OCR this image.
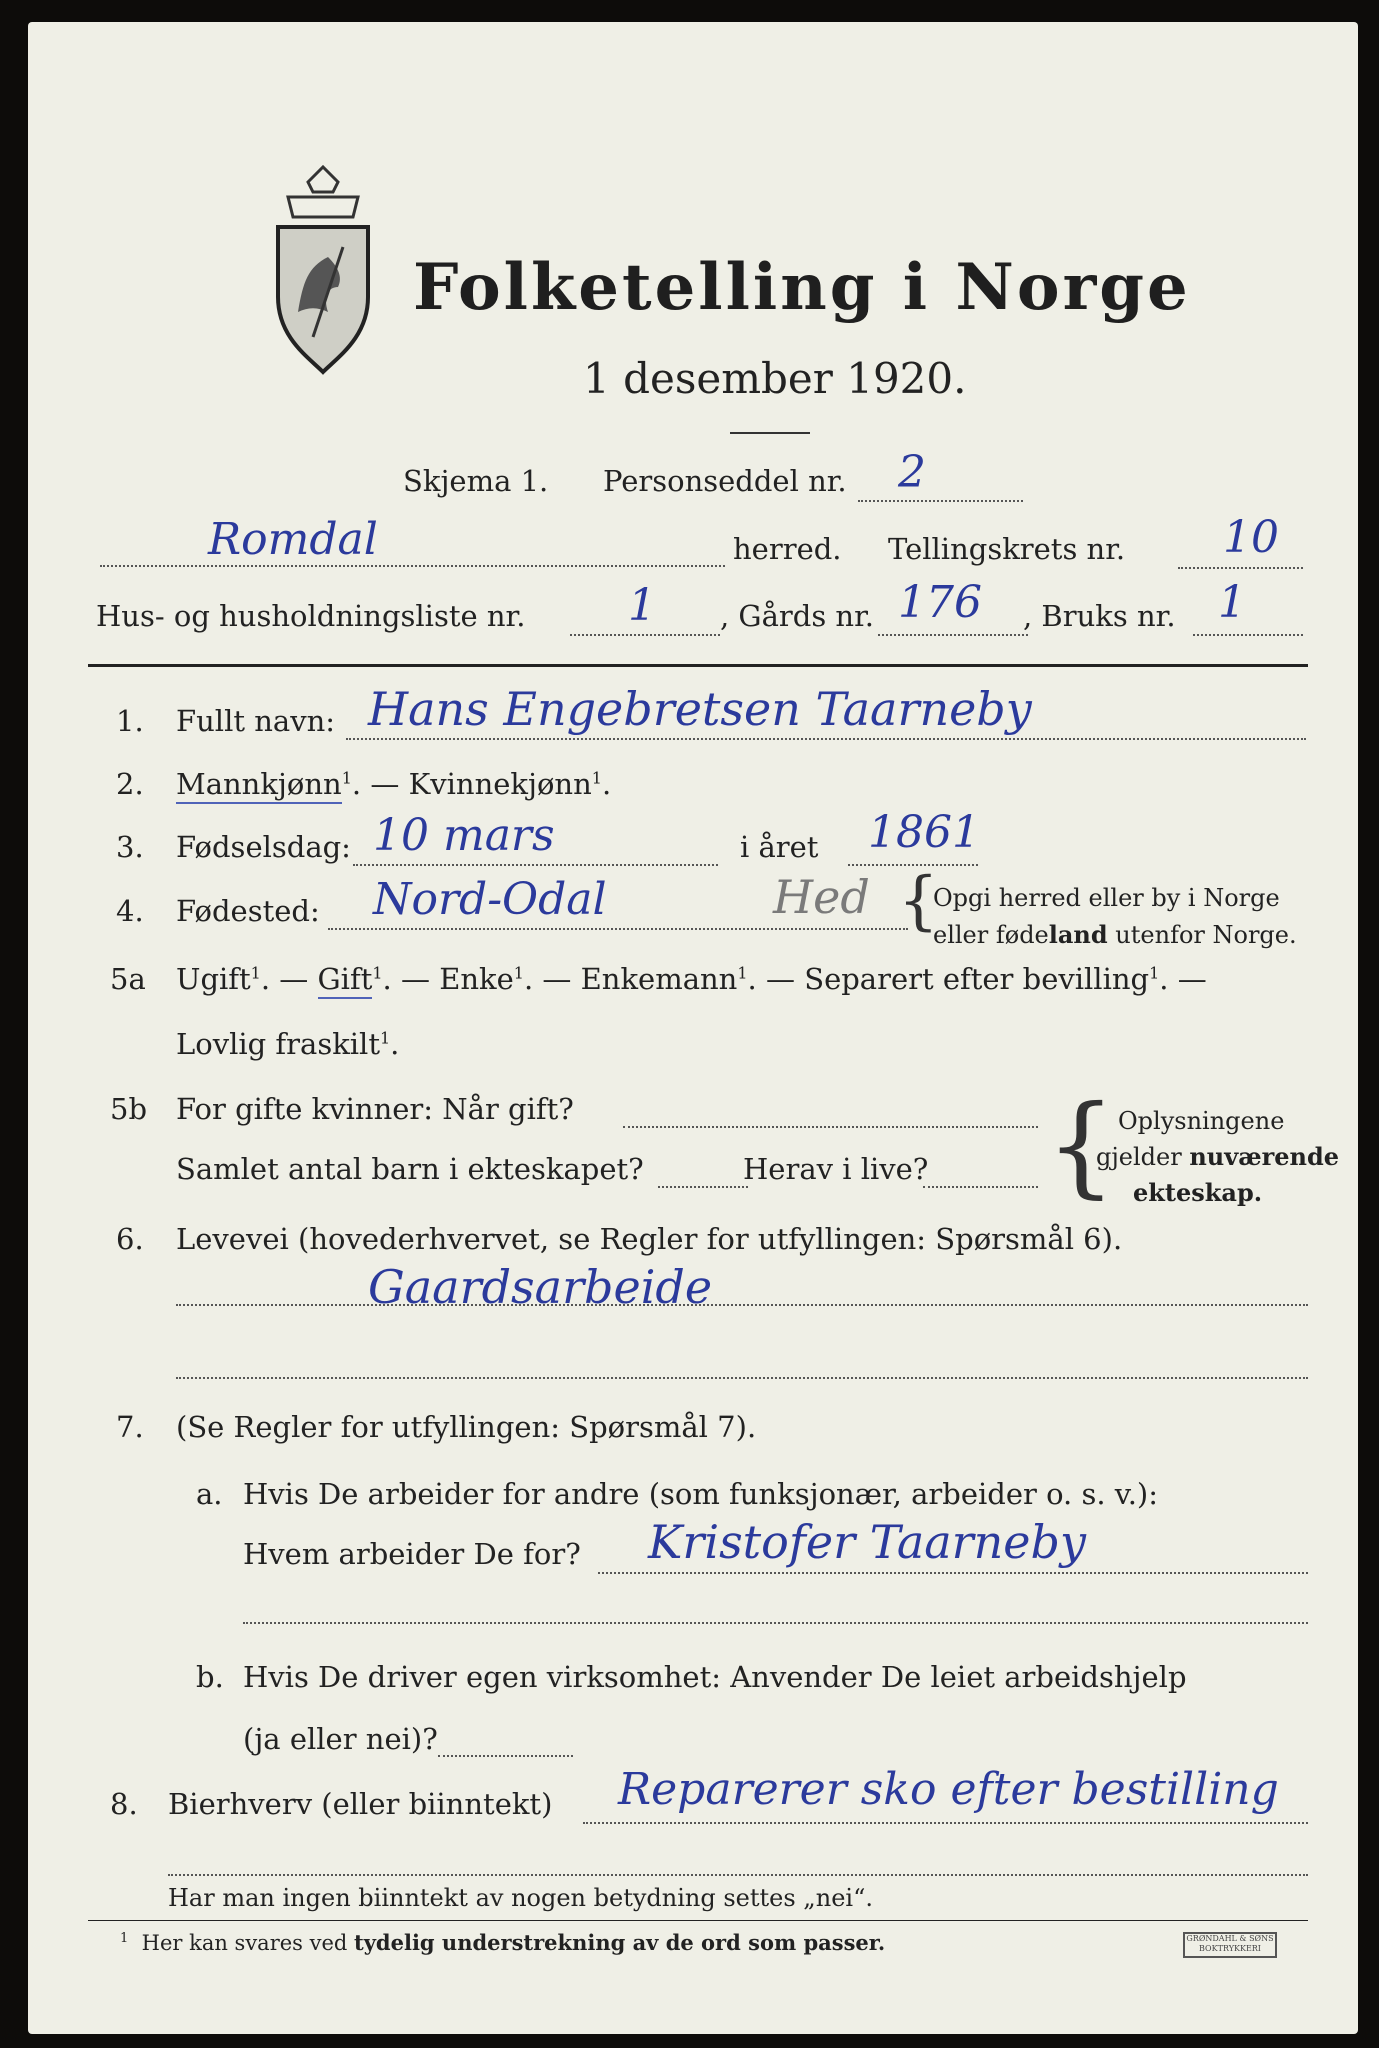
Folketelling i Norge
1 desember 1920.
Skjema 1. Personseddel nr. 2
Romdal	herred. Tellingskrets nr. 10
Hus- og husholdningsliste nr. 1 , Gårds nr. 176 , Bruks nr. 1
1. Fullt navn: Hans Engebretsen Taarneby
2. Mannkjønn$^1$. — Kvinnekjønn$^1$.
3. Fødselsdag: 10 mars	i året 1861
4. Fødested: Nord-Odal	Hed {
Opgi herred eller by i Norge
eller fødeland utenfor Norge.
5a Ugift$^1$. — Gift$^1$. — Enke$^1$. — Enkemann$^1$. — Separert efter bevilling$^1$. —
Lovlig fraskilt$^1$.
5b For gifte kvinner: Når gift?
Samlet antal barn i ekteskapet?	Herav i live? { Oplysningene
gjelder nuværende
ekteskap.
6. Levevei (hovederhvervet, se Regler for utfyllingen: Spørsmål 6).
Gaardsarbeide
7. (Se Regler for utfyllingen: Spørsmål 7).
a. Hvis De arbeider for andre (som funksjonær, arbeider o. s. v.):
Hvem arbeider De for? Kristofer Taarneby
b. Hvis De driver egen virksomhet: Anvender De leiet arbeidshjelp
(ja eller nei)?
8. Bierhverv (eller biinntekt) Reparerer sko efter bestilling
Har man ingen biinntekt av nogen betydning settes „nei“.
$^1$ Her kan svares ved tydelig understrekning av de ord som passer.	GRØNDAHL & SØNS BOKTRYKKERI
